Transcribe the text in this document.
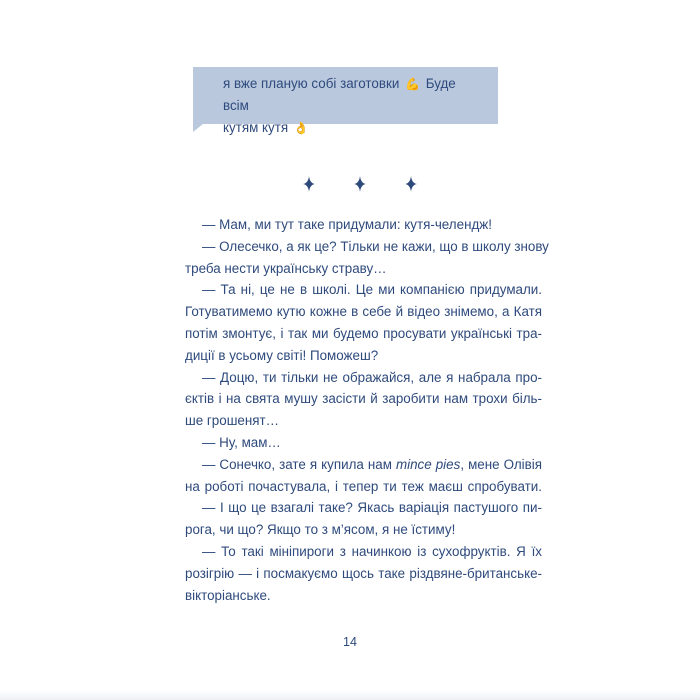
я вже планую собі заготовки 💪 Буде всім
кутям кутя 👌
— Мам, ми тут таке придумали: кутя-челендж!
— Олесечко, а як це? Тільки не кажи, що в школу знову
треба нести українську страву…
— Та ні, це не в школі. Це ми компанією придумали.
Готуватимемо кутю кожне в себе й відео знімемо, а Катя
потім змонтує, і так ми будемо просувати українські тра-
диції в усьому світі! Поможеш?
— Доцю, ти тільки не ображайся, але я набрала про-
єктів і на свята мушу засісти й заробити нам трохи біль-
ше грошенят…
— Ну, мам…
— Сонечко, зате я купила нам mince pies, мене Олівія
на роботі почастувала, і тепер ти теж маєш спробувати.
— І що це взагалі таке? Якась варіація пастушого пи-
рога, чи що? Якщо то з м’ясом, я не їстиму!
— То такі мініпироги з начинкою із сухофруктів. Я їх
розігрію — і посмакуємо щось таке різдвяне-британське-
вікторіанське.
14
